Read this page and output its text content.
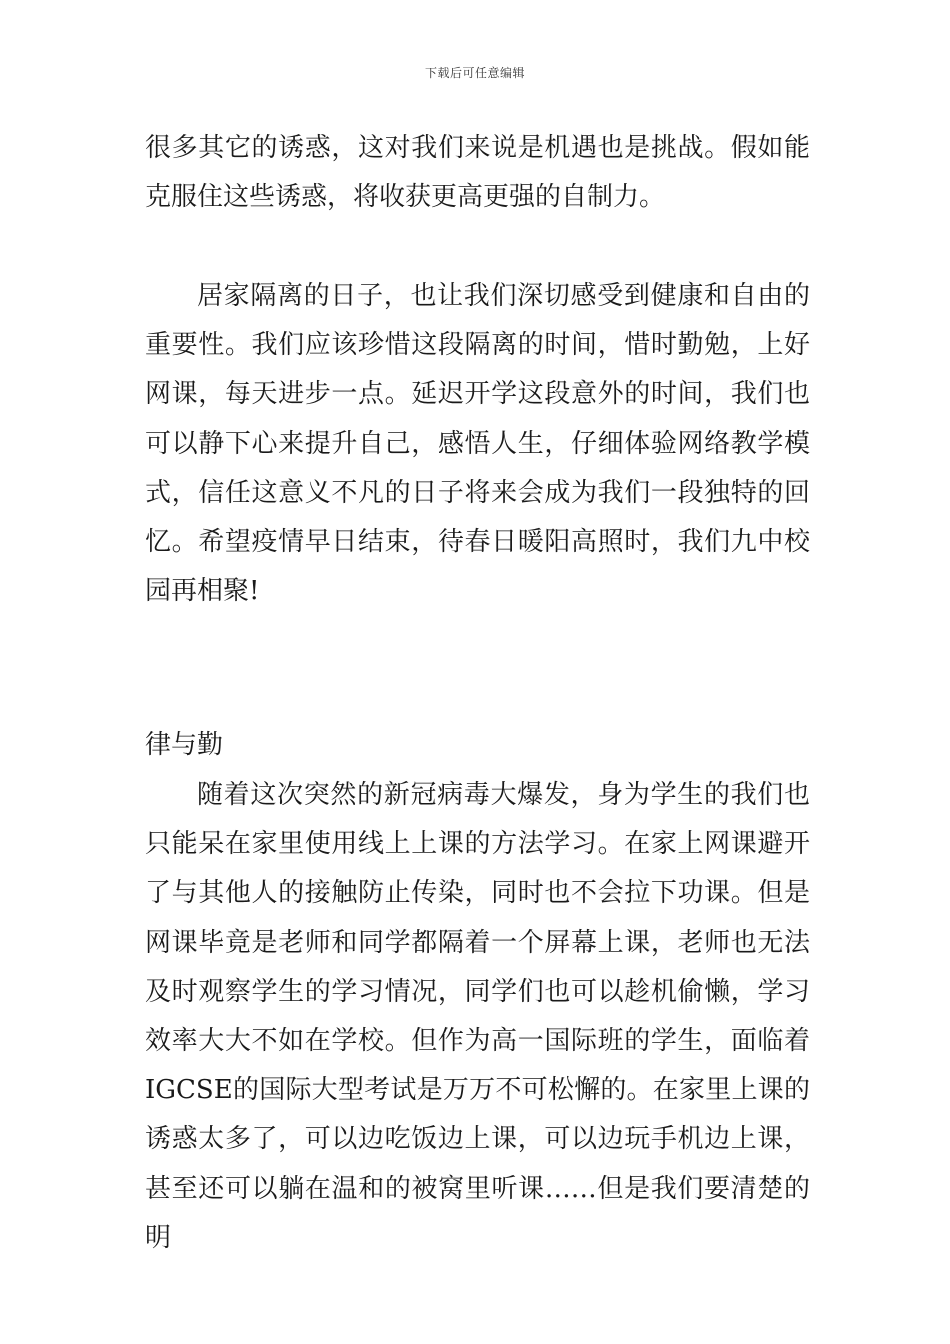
下载后可任意编辑

很多其它的诱惑，这对我们来说是机遇也是挑战。假如能克服住这些诱惑，将收获更高更强的自制力。

居家隔离的日子，也让我们深切感受到健康和自由的重要性。我们应该珍惜这段隔离的时间，惜时勤勉，上好网课，每天进步一点。延迟开学这段意外的时间，我们也可以静下心来提升自己，感悟人生，仔细体验网络教学模式，信任这意义不凡的日子将来会成为我们一段独特的回忆。希望疫情早日结束，待春日暖阳高照时，我们九中校园再相聚!

律与勤

随着这次突然的新冠病毒大爆发，身为学生的我们也只能呆在家里使用线上上课的方法学习。在家上网课避开了与其他人的接触防止传染，同时也不会拉下功课。但是网课毕竟是老师和同学都隔着一个屏幕上课，老师也无法及时观察学生的学习情况，同学们也可以趁机偷懒，学习效率大大不如在学校。但作为高一国际班的学生，面临着IGCSE的国际大型考试是万万不可松懈的。在家里上课的诱惑太多了，可以边吃饭边上课，可以边玩手机边上课，甚至还可以躺在温和的被窝里听课……但是我们要清楚的明
